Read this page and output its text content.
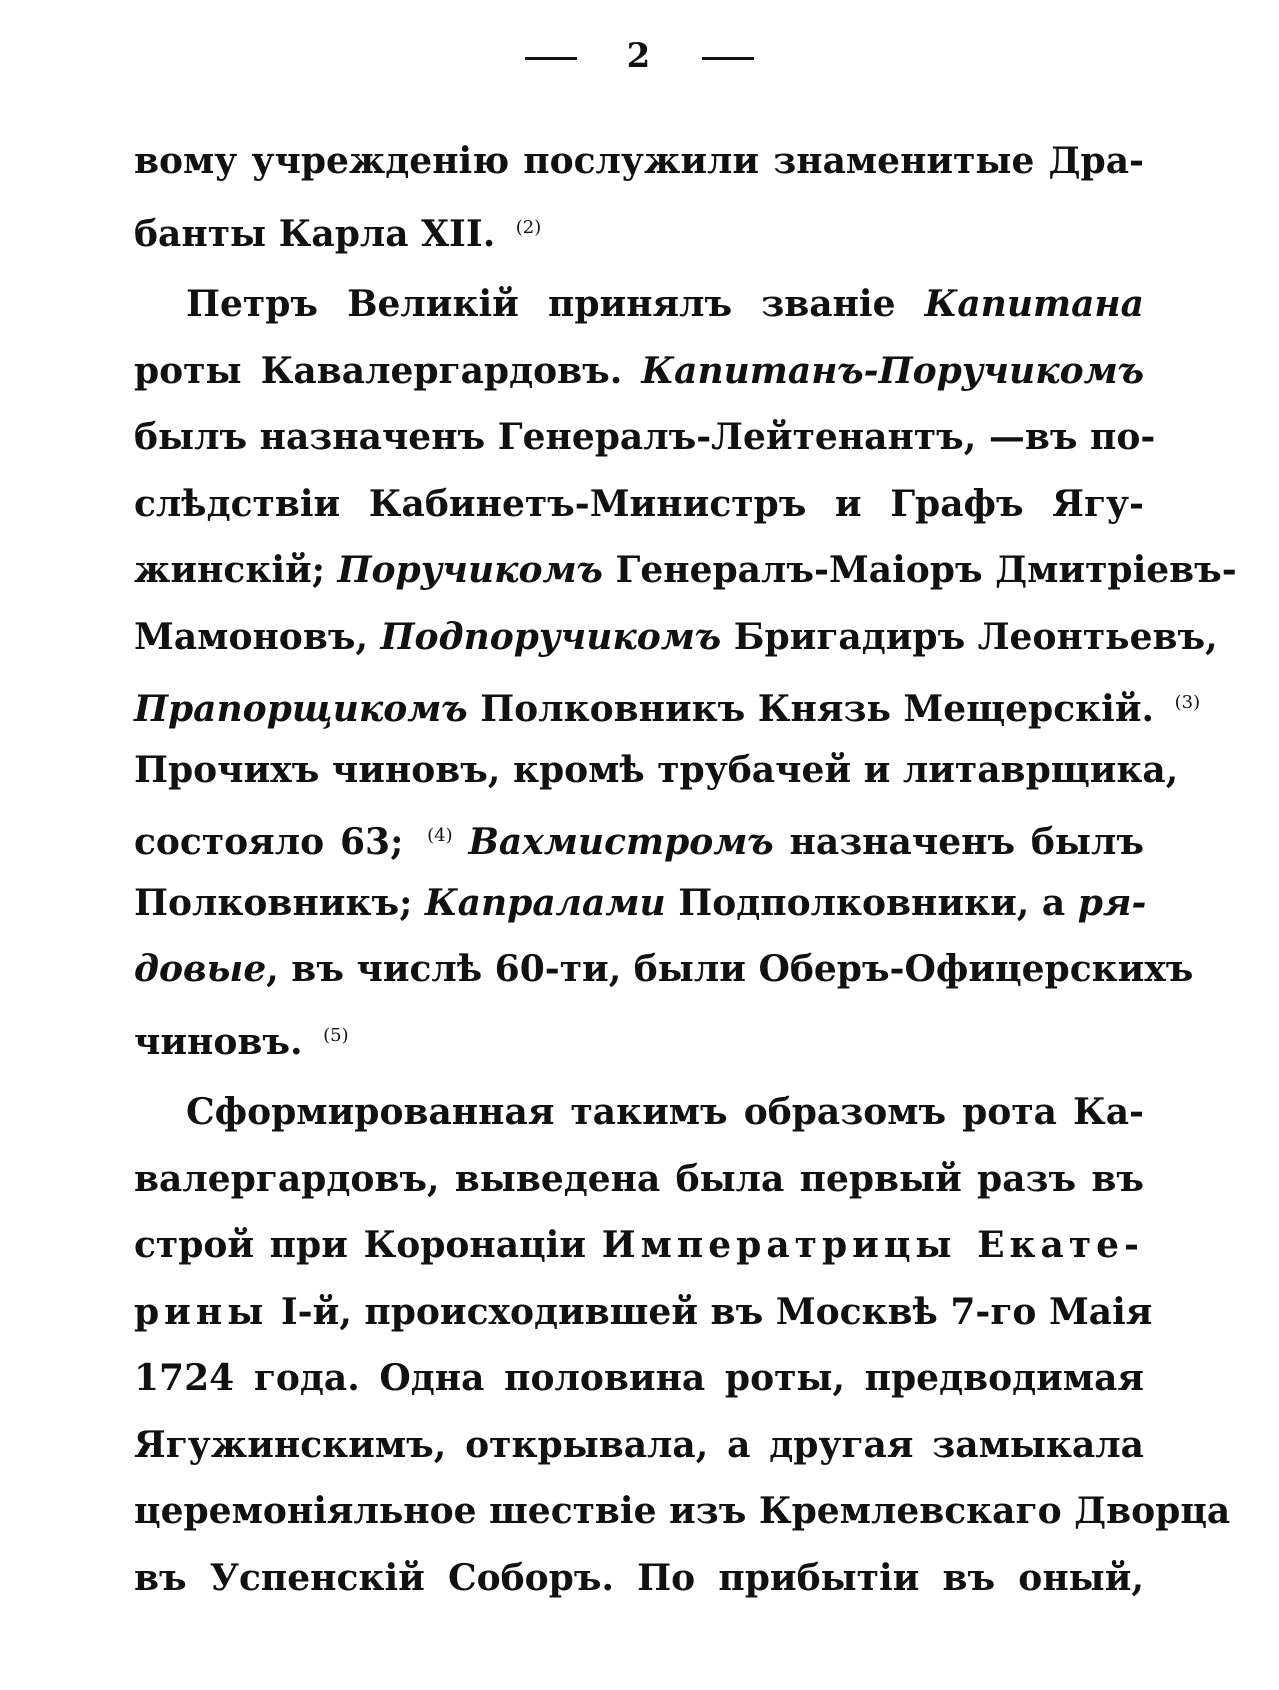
2
вому учрежденію послужили знаменитые Дра-
банты Карла XII. $^{(2)}$
Петръ Великій принялъ званіе Капитана
роты Кавалергардовъ. Капитанъ-Поручикомъ
былъ назначенъ Генералъ-Лейтенантъ, —въ по-
слѣдствіи Кабинетъ-Министръ и Графъ Ягу-
жинскій; Поручикомъ Генералъ-Маіоръ Дмитріевъ-
Мамоновъ, Подпоручикомъ Бригадиръ Леонтьевъ,
Прапорщикомъ Полковникъ Князь Мещерскій. $^{(3)}$
Прочихъ чиновъ, кромѣ трубачей и литаврщика,
состояло 63; $^{(4)}$ Вахмистромъ назначенъ былъ
Полковникъ; Капралами Подполковники, а ря-
довые, въ числѣ 60-ти, были Оберъ-Офицерскихъ
чиновъ. $^{(5)}$
Сформированная такимъ образомъ рота Ка-
валергардовъ, выведена была первый разъ въ
строй при Коронаціи Императрицы Екате-
рины I-й, происходившей въ Москвѣ 7-го Маія
1724 года. Одна половина роты, предводимая
Ягужинскимъ, открывала, а другая замыкала
церемоніяльное шествіе изъ Кремлевскаго Дворца
въ Успенскій Соборъ. По прибытіи въ оный,
